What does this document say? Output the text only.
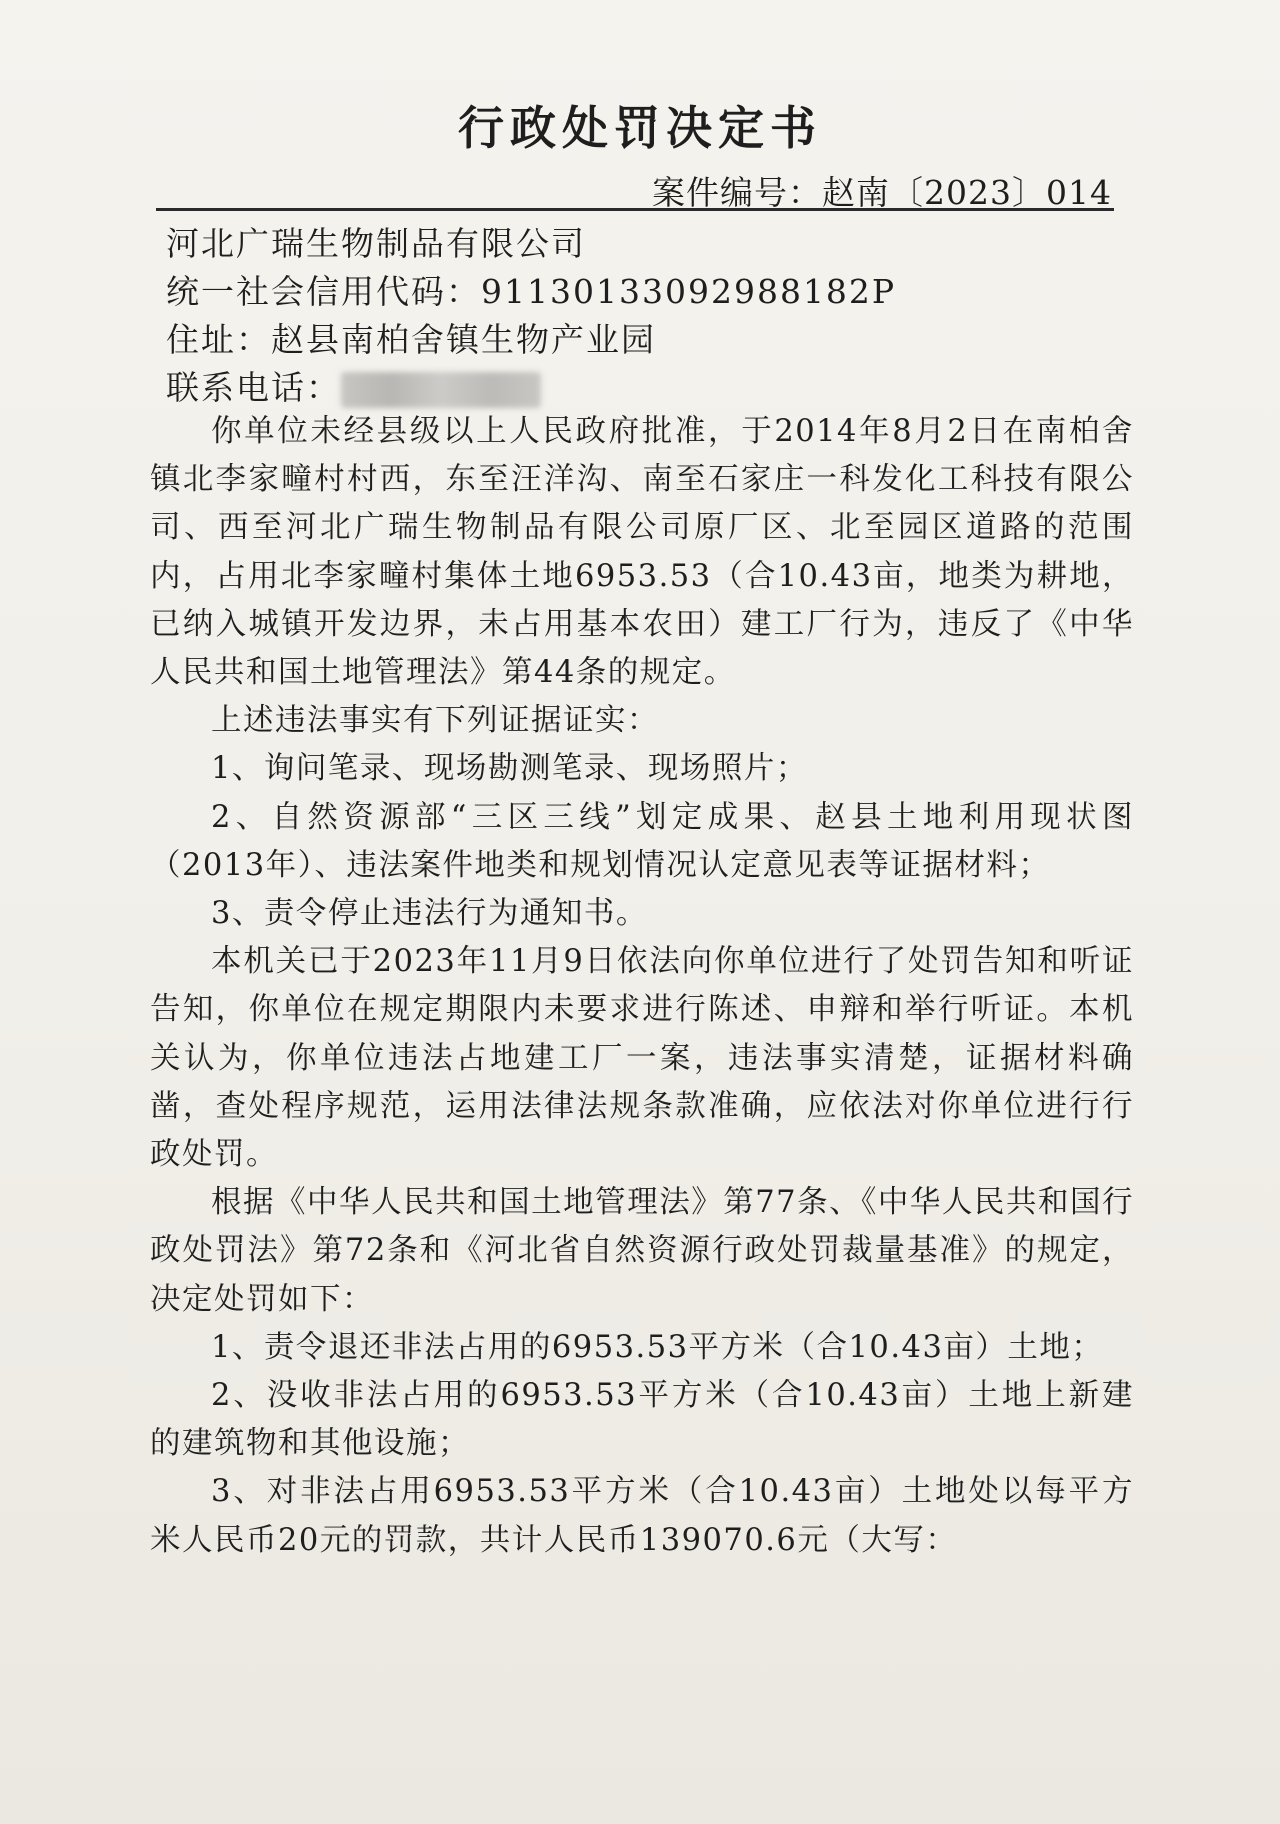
行政处罚决定书
案件编号：赵南〔2023〕014

河北广瑞生物制品有限公司

统一社会信用代码：91130133092988182P

住址：赵县南柏舍镇生物产业园

联系电话：

你单位未经县级以上人民政府批准，于2014年8月2日在南柏舍镇北李家疃村村西，东至汪洋沟、南至石家庄一科发化工科技有限公司、西至河北广瑞生物制品有限公司原厂区、北至园区道路的范围内，占用北李家疃村集体土地6953.53（合10.43亩，地类为耕地，已纳入城镇开发边界，未占用基本农田）建工厂行为，违反了《中华人民共和国土地管理法》第44条的规定。

上述违法事实有下列证据证实：

1、询问笔录、现场勘测笔录、现场照片；

2、自然资源部“三区三线”划定成果、赵县土地利用现状图（2013年）、违法案件地类和规划情况认定意见表等证据材料；

3、责令停止违法行为通知书。

本机关已于2023年11月9日依法向你单位进行了处罚告知和听证告知，你单位在规定期限内未要求进行陈述、申辩和举行听证。本机关认为，你单位违法占地建工厂一案，违法事实清楚，证据材料确凿，查处程序规范，运用法律法规条款准确，应依法对你单位进行行政处罚。

根据《中华人民共和国土地管理法》第77条、《中华人民共和国行政处罚法》第72条和《河北省自然资源行政处罚裁量基准》的规定，决定处罚如下：

1、责令退还非法占用的6953.53平方米（合10.43亩）土地；

2、没收非法占用的6953.53平方米（合10.43亩）土地上新建的建筑物和其他设施；

3、对非法占用6953.53平方米（合10.43亩）土地处以每平方米人民币20元的罚款，共计人民币139070.6元（大写：
